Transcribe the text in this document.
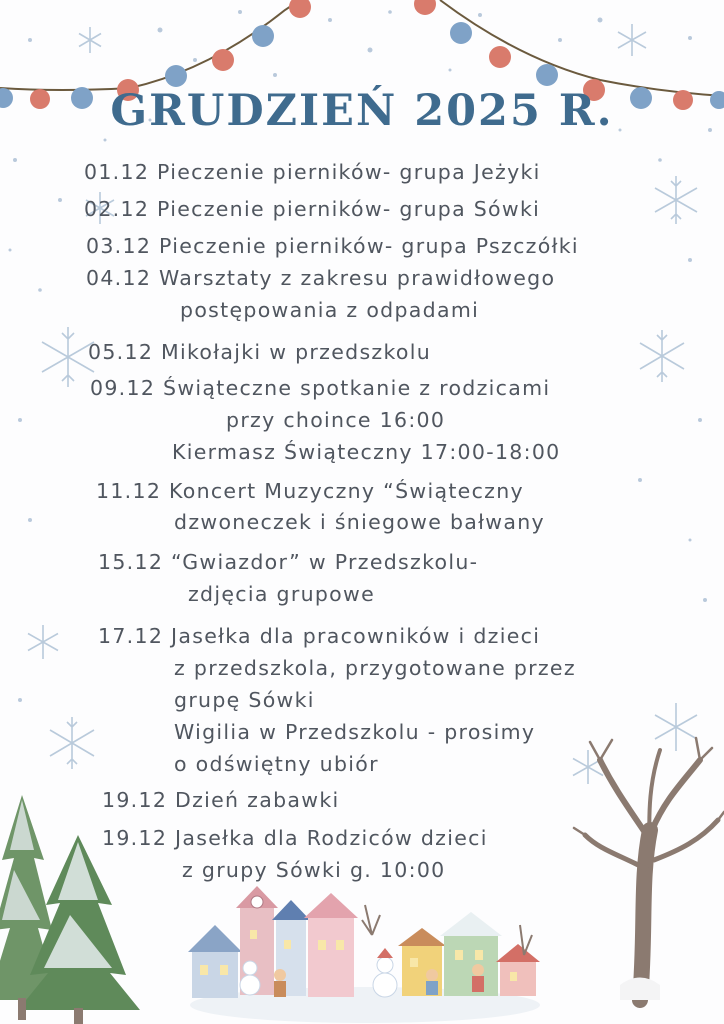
GRUDZIEŃ 2025 R.
01.12 Pieczenie pierników- grupa Jeżyki
02.12 Pieczenie pierników- grupa Sówki
03.12 Pieczenie pierników- grupa Pszczółki
04.12 Warsztaty z zakresu prawidłowego
postępowania z odpadami
05.12 Mikołajki w przedszkolu
09.12 Świąteczne spotkanie z rodzicami
przy choince 16:00
Kiermasz Świąteczny 17:00-18:00
11.12 Koncert Muzyczny “Świąteczny
dzwoneczek i śniegowe bałwany
15.12 “Gwiazdor” w Przedszkolu-
zdjęcia grupowe
17.12 Jasełka dla pracowników i dzieci
z przedszkola, przygotowane przez
grupę Sówki
Wigilia w Przedszkolu - prosimy
o odświętny ubiór
19.12 Dzień zabawki
19.12 Jasełka dla Rodziców dzieci
z grupy Sówki g. 10:00
